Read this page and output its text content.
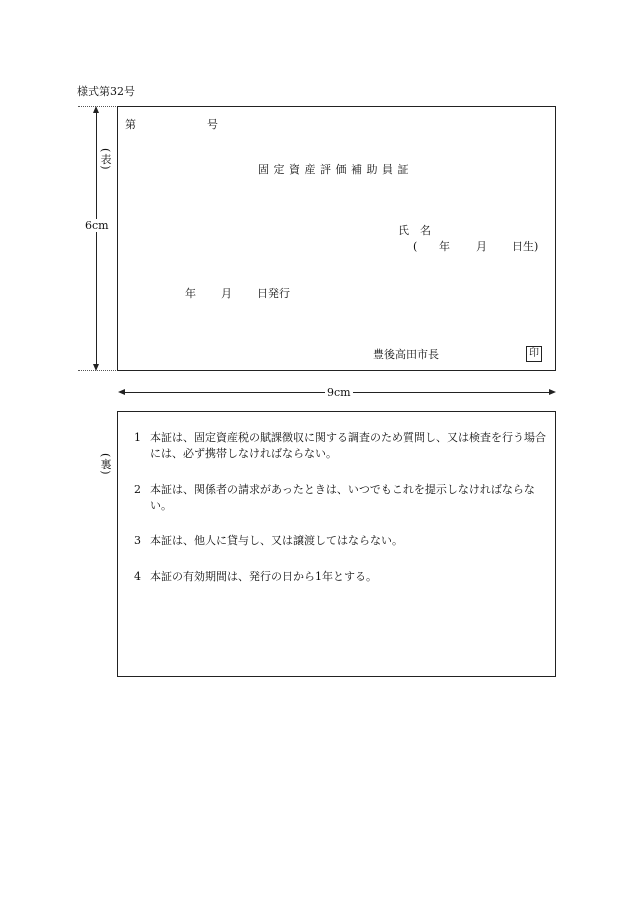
様式第32号
6cm
(表)
第	号
固定資産評価補助員証
氏　名
( 年 月 日生)
年 月 日発行
豊後高田市長	印
9cm
(裏)
1 本証は、固定資産税の賦課徴収に関する調査のため質問し、又は検査を行う場合には、必ず携帯しなければならない。
2 本証は、関係者の請求があったときは、いつでもこれを提示しなければならない。
3 本証は、他人に貸与し、又は譲渡してはならない。
4 本証の有効期間は、発行の日から1年とする。
